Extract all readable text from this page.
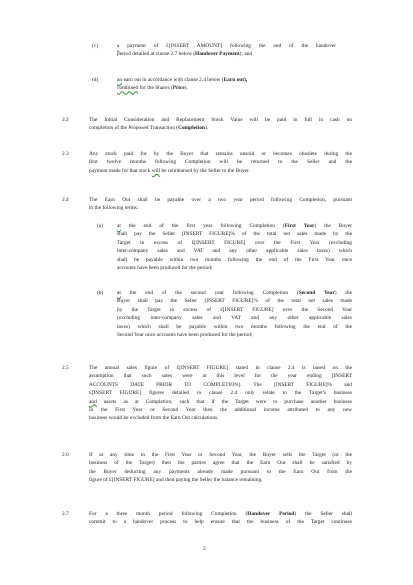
(c)	a payment of £[INSERT AMOUNT] following the end of the handover
period detailed at clause 2.7 below (Handover Payment); and
(d)	an earn out in accordance with clause 2.4 below (Earn out),
combined for the Shares (Price).
2.2	The Initial Consideration and Replacement Stock Value will be paid in full in cash on
completion of the Proposed Transaction (Completion).
2.3	Any stock paid for by the Buyer that remains unsold or becomes obsolete during the
first twelve months following Completion will be returned to the Seller and the
payment made for that stock will be reimbursed by the Seller to the Buyer.
2.4	The Earn Out shall be payable over a two year period following Completion, pursuant
to the following terms:
(a)	at the end of the first year following Completion (First Year) the Buyer
shall pay the Seller [INSERT FIGURE]% of the total net sales made by the
Target in excess of £[INSERT FIGURE] over the First Year (excluding
inter-company sales and VAT and any other applicable sales taxes) which
shall be payable within two months following the end of the First Year once
accounts have been produced for the period;
(b)	at the end of the second year following Completion (Second Year) the
Buyer shall pay the Seller [INSERT FIGURE]% of the total net sales made
by the Target in excess of £[INSERT FIGURE] over the Second Year
(excluding inter-company sales and VAT and any other applicable sales
taxes) which shall be payable within two months following the end of the
Second Year once accounts have been produced for the period;
2.5	The annual sales figure of £[INSERT FIGURE] stated in clause 2.4 is based on the
assumption that such sales were at this level for the year ending [INSERT
ACCOUNTS DATE PRIOR TO COMPLETION]. The [INSERT FIGURE]% and
£[INSERT FIGURE] figures detailed in clause 2.4 only relate to the Target's business
and assets as at Completion, such that if the Target were to purchase another business
in the First Year or Second Year then the additional income attributed to any new
business would be excluded from the Earn Out calculations.
2.6	If at any time in the First Year or Second Year, the Buyer sells the Target (or the
business of the Target) then the parties agree that the Earn Out shall be satisfied by
the Buyer deducting any payments already made pursuant to the Earn Out from the
figure of £[INSERT FIGURE] and then paying the Seller the balance remaining.
2.7	For a three month period following Completion (Handover Period) the Seller shall
commit to a handover process to help ensure that the business of the Target continues
2
